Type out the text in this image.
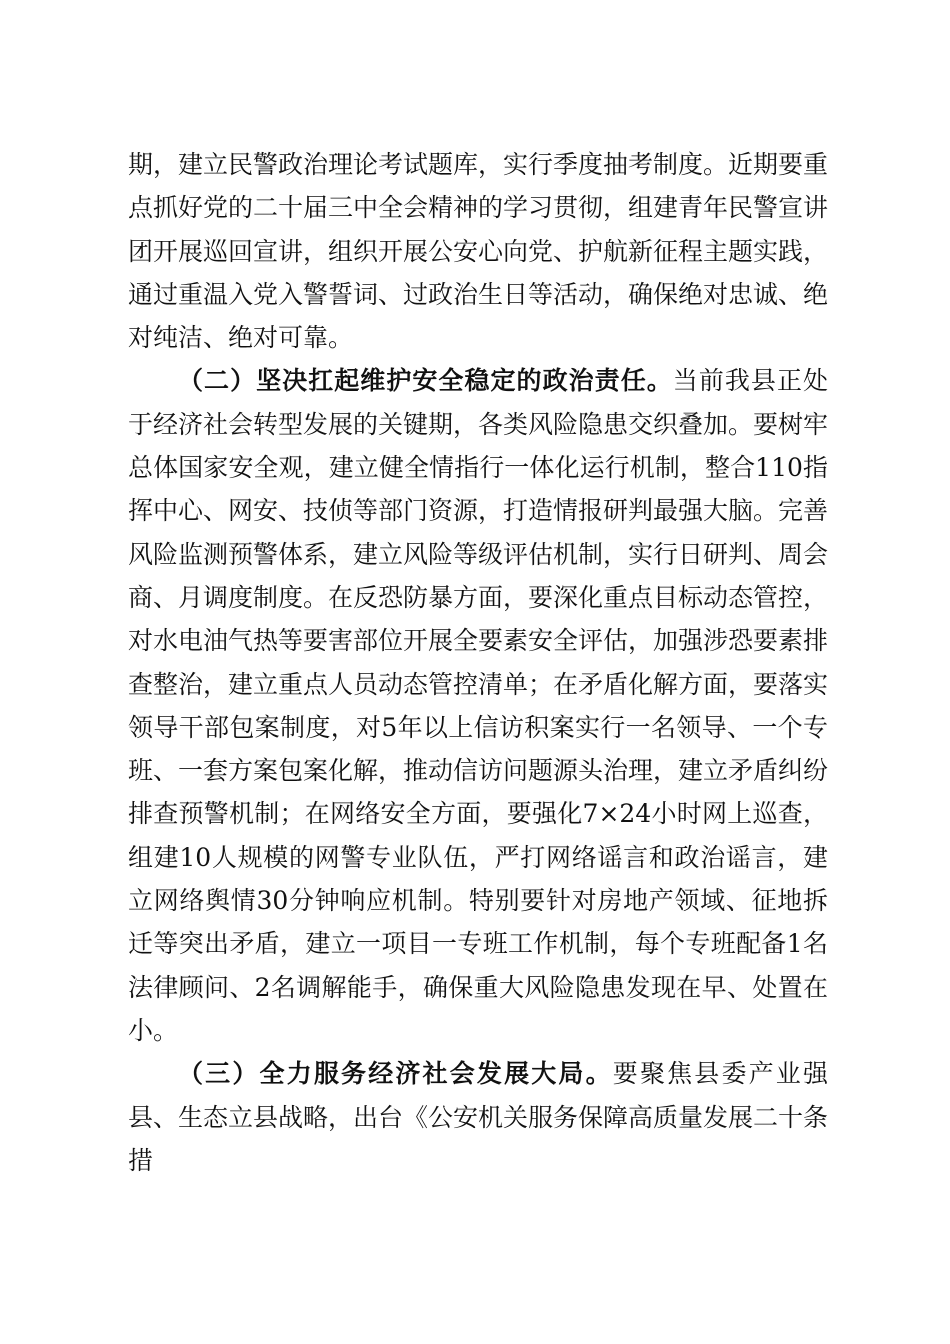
期，建立民警政治理论考试题库，实行季度抽考制度。近期要重点抓好党的二十届三中全会精神的学习贯彻，组建青年民警宣讲团开展巡回宣讲，组织开展公安心向党、护航新征程主题实践，通过重温入党入警誓词、过政治生日等活动，确保绝对忠诚、绝对纯洁、绝对可靠。

（二）坚决扛起维护安全稳定的政治责任。当前我县正处于经济社会转型发展的关键期，各类风险隐患交织叠加。要树牢总体国家安全观，建立健全情指行一体化运行机制，整合110指挥中心、网安、技侦等部门资源，打造情报研判最强大脑。完善风险监测预警体系，建立风险等级评估机制，实行日研判、周会商、月调度制度。在反恐防暴方面，要深化重点目标动态管控，对水电油气热等要害部位开展全要素安全评估，加强涉恐要素排查整治，建立重点人员动态管控清单；在矛盾化解方面，要落实领导干部包案制度，对5年以上信访积案实行一名领导、一个专班、一套方案包案化解，推动信访问题源头治理，建立矛盾纠纷排查预警机制；在网络安全方面，要强化7×24小时网上巡查，组建10人规模的网警专业队伍，严打网络谣言和政治谣言，建立网络舆情30分钟响应机制。特别要针对房地产领域、征地拆迁等突出矛盾，建立一项目一专班工作机制，每个专班配备1名法律顾问、2名调解能手，确保重大风险隐患发现在早、处置在小。

（三）全力服务经济社会发展大局。要聚焦县委产业强县、生态立县战略，出台《公安机关服务保障高质量发展二十条措
